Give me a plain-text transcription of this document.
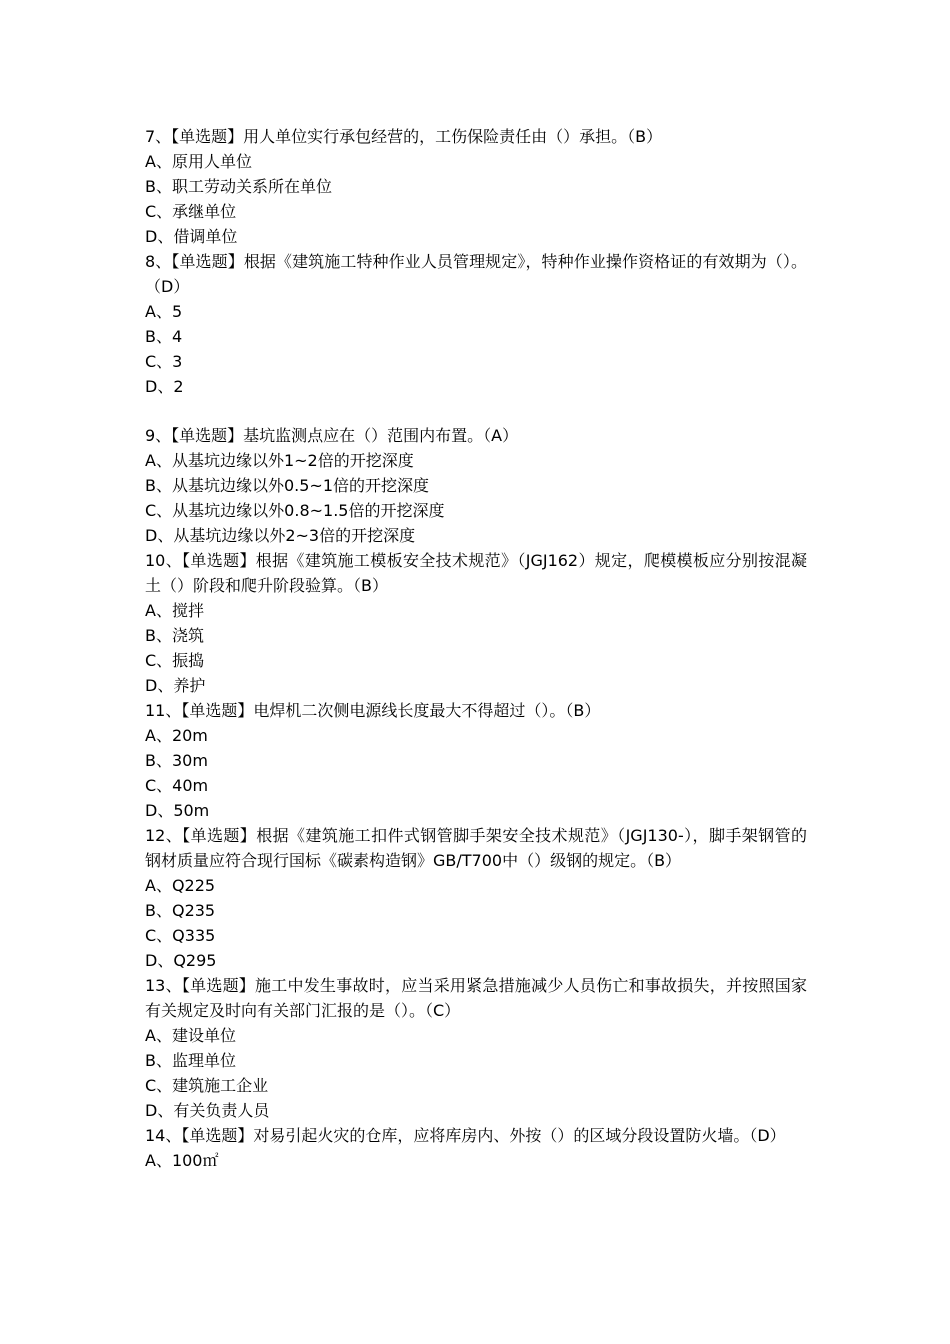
7、【单选题】用人单位实行承包经营的，工伤保险责任由（）承担。（B）
A、原用人单位
B、职工劳动关系所在单位
C、承继单位
D、借调单位
8、【单选题】根据《建筑施工特种作业人员管理规定》，特种作业操作资格证的有效期为（）。（D）
A、5
B、4
C、3
D、2
9、【单选题】基坑监测点应在（）范围内布置。（A）
A、从基坑边缘以外1~2倍的开挖深度
B、从基坑边缘以外0.5~1倍的开挖深度
C、从基坑边缘以外0.8~1.5倍的开挖深度
D、从基坑边缘以外2~3倍的开挖深度
10、【单选题】根据《建筑施工模板安全技术规范》（JGJ162）规定，爬模模板应分别按混凝土（）阶段和爬升阶段验算。（B）
A、搅拌
B、浇筑
C、振捣
D、养护
11、【单选题】电焊机二次侧电源线长度最大不得超过（）。（B）
A、20m
B、30m
C、40m
D、50m
12、【单选题】根据《建筑施工扣件式钢管脚手架安全技术规范》（JGJ130-），脚手架钢管的钢材质量应符合现行国标《碳素构造钢》GB/T700中（）级钢的规定。（B）
A、Q225
B、Q235
C、Q335
D、Q295
13、【单选题】施工中发生事故时，应当采用紧急措施减少人员伤亡和事故损失，并按照国家有关规定及时向有关部门汇报的是（）。（C）
A、建设单位
B、监理单位
C、建筑施工企业
D、有关负责人员
14、【单选题】对易引起火灾的仓库，应将库房内、外按（）的区域分段设置防火墙。（D）
A、100㎡
